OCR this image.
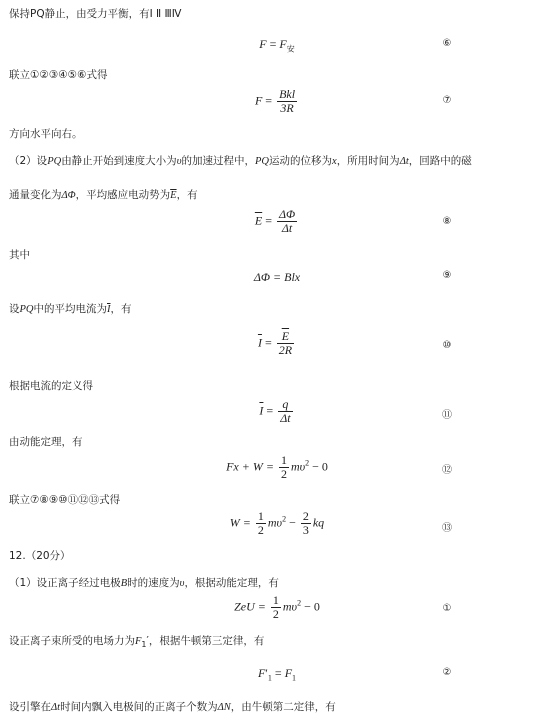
保持PQ静止，由受力平衡，有Ⅰ Ⅱ ⅢⅣ
$F = F_安$	⑥
联立①②③④⑤⑥式得
$F = \frac{\text{Bkl}}{3R}$	⑦
方向水平向右。
（2）设PQ由静止开始到速度大小为υ的加速过程中，PQ运动的位移为x，所用时间为Δt，回路中的磁
通量变化为ΔΦ，平均感应电动势为$\overline{E}$，有
$\overline{E} = \frac{\Delta\Phi}{\Delta t}$	⑧
其中
ΔΦ = Blx	⑨
设PQ中的平均电流为$\overline{I}$，有
$\overline{I} = \frac{\overline{E}}{2R}$	⑩
根据电流的定义得
$\overline{I} = \frac{q}{\Delta t}$	⑪
由动能定理，有
$Fx + W = \frac{1}{2} m\upsilon^2 - 0$	⑫
联立⑦⑧⑨⑩⑪⑫⑬式得
$W = \frac{1}{2} m\upsilon^2 - \frac{2}{3}$ kq	⑬
12.（20分）
（1）设正离子经过电极B时的速度为υ，根据动能定理，有
ZeU = $\frac{1}{2} m\upsilon^2 - 0$	①
设正离子束所受的电场力为$F_1'$，根据牛顿第三定律，有
$F'_1 = F_1$	②
设引擎在Δt时间内飘入电极间的正离子个数为ΔN，由牛顿第二定律，有
